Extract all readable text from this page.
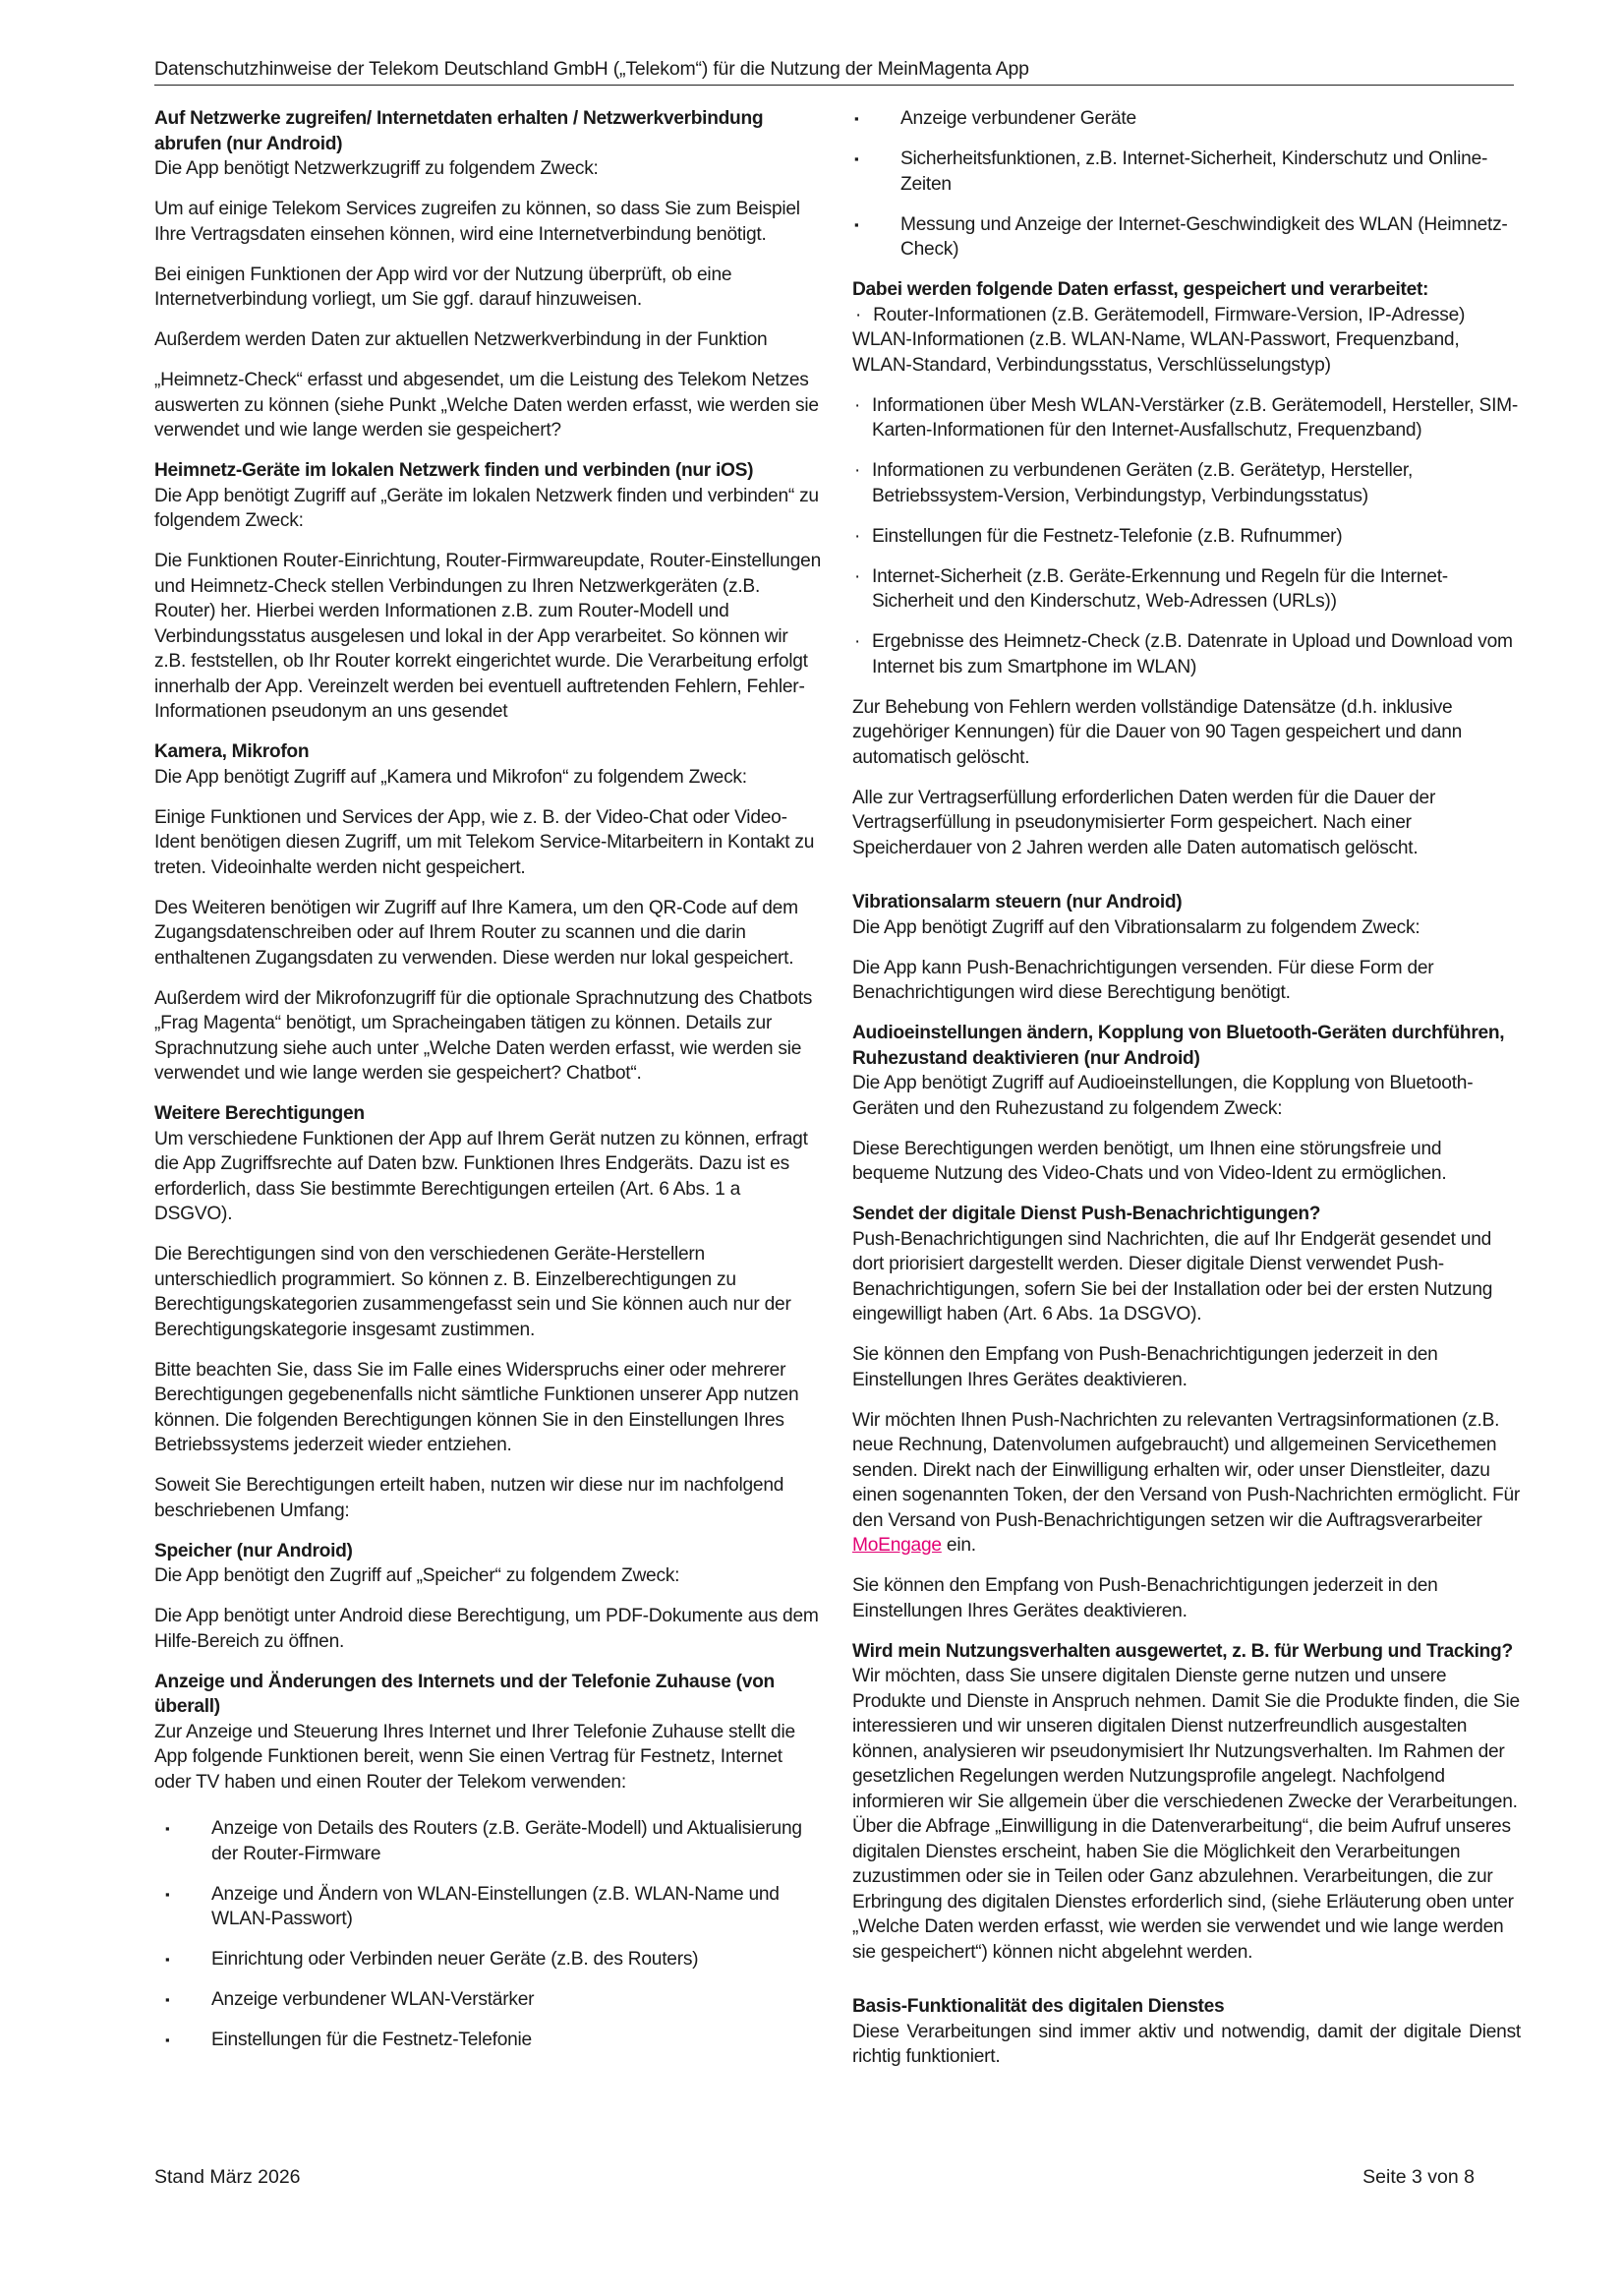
Datenschutzhinweise der Telekom Deutschland GmbH („Telekom“) für die Nutzung der MeinMagenta App
Auf Netzwerke zugreifen/ Internetdaten erhalten / Netzwerkverbindung abrufen (nur Android)

Die App benötigt Netzwerkzugriff zu folgendem Zweck:

Um auf einige Telekom Services zugreifen zu können, so dass Sie zum Beispiel Ihre Vertragsdaten einsehen können, wird eine Internetverbindung benötigt.

Bei einigen Funktionen der App wird vor der Nutzung überprüft, ob eine Internetverbindung vorliegt, um Sie ggf. darauf hinzuweisen.

Außerdem werden Daten zur aktuellen Netzwerkverbindung in der Funktion

„Heimnetz-Check“ erfasst und abgesendet, um die Leistung des Telekom Netzes auswerten zu können (siehe Punkt „Welche Daten werden erfasst, wie werden sie verwendet und wie lange werden sie gespeichert?

Heimnetz-Geräte im lokalen Netzwerk finden und verbinden (nur iOS)

Die App benötigt Zugriff auf „Geräte im lokalen Netzwerk finden und verbinden“ zu folgendem Zweck:

Die Funktionen Router-Einrichtung, Router-Firmwareupdate, Router-Einstellungen und Heimnetz-Check stellen Verbindungen zu Ihren Netzwerkgeräten (z.B. Router) her. Hierbei werden Informationen z.B. zum Router-Modell und Verbindungsstatus ausgelesen und lokal in der App verarbeitet. So können wir z.B. feststellen, ob Ihr Router korrekt eingerichtet wurde. Die Verarbeitung erfolgt innerhalb der App. Vereinzelt werden bei eventuell auftretenden Fehlern, Fehler-Informationen pseudonym an uns gesendet

Kamera, Mikrofon

Die App benötigt Zugriff auf „Kamera und Mikrofon“ zu folgendem Zweck:

Einige Funktionen und Services der App, wie z. B. der Video-Chat oder Video-Ident benötigen diesen Zugriff, um mit Telekom Service-Mitarbeitern in Kontakt zu treten. Videoinhalte werden nicht gespeichert.

Des Weiteren benötigen wir Zugriff auf Ihre Kamera, um den QR-Code auf dem Zugangsdatenschreiben oder auf Ihrem Router zu scannen und die darin enthaltenen Zugangsdaten zu verwenden. Diese werden nur lokal gespeichert.

Außerdem wird der Mikrofonzugriff für die optionale Sprachnutzung des Chatbots „Frag Magenta“ benötigt, um Spracheingaben tätigen zu können. Details zur Sprachnutzung siehe auch unter „Welche Daten werden erfasst, wie werden sie verwendet und wie lange werden sie gespeichert? Chatbot“.

Weitere Berechtigungen

Um verschiedene Funktionen der App auf Ihrem Gerät nutzen zu können, erfragt die App Zugriffsrechte auf Daten bzw. Funktionen Ihres Endgeräts. Dazu ist es erforderlich, dass Sie bestimmte Berechtigungen erteilen (Art. 6 Abs. 1 a DSGVO).

Die Berechtigungen sind von den verschiedenen Geräte-Herstellern unterschiedlich programmiert. So können z. B. Einzelberechtigungen zu Berechtigungskategorien zusammengefasst sein und Sie können auch nur der Berechtigungskategorie insgesamt zustimmen.

Bitte beachten Sie, dass Sie im Falle eines Widerspruchs einer oder mehrerer Berechtigungen gegebenenfalls nicht sämtliche Funktionen unserer App nutzen können. Die folgenden Berechtigungen können Sie in den Einstellungen Ihres Betriebssystems jederzeit wieder entziehen.

Soweit Sie Berechtigungen erteilt haben, nutzen wir diese nur im nachfolgend beschriebenen Umfang:

Speicher (nur Android)

Die App benötigt den Zugriff auf „Speicher“ zu folgendem Zweck:

Die App benötigt unter Android diese Berechtigung, um PDF-Dokumente aus dem Hilfe-Bereich zu öffnen.

Anzeige und Änderungen des Internets und der Telefonie Zuhause (von überall)

Zur Anzeige und Steuerung Ihres Internet und Ihrer Telefonie Zuhause stellt die App folgende Funktionen bereit, wenn Sie einen Vertrag für Festnetz, Internet oder TV haben und einen Router der Telekom verwenden:

▪ Anzeige von Details des Routers (z.B. Geräte-Modell) und Aktualisierung der Router-Firmware
▪ Anzeige und Ändern von WLAN-Einstellungen (z.B. WLAN-Name und WLAN-Passwort)
▪ Einrichtung oder Verbinden neuer Geräte (z.B. des Routers)
▪ Anzeige verbundener WLAN-Verstärker
▪ Einstellungen für die Festnetz-Telefonie
▪ Anzeige verbundener Geräte
▪ Sicherheitsfunktionen, z.B. Internet-Sicherheit, Kinderschutz und Online-Zeiten
▪ Messung und Anzeige der Internet-Geschwindigkeit des WLAN (Heimnetz-Check)
Dabei werden folgende Daten erfasst, gespeichert und verarbeitet:

· Router-Informationen (z.B. Gerätemodell, Firmware-Version, IP-Adresse) WLAN-Informationen (z.B. WLAN-Name, WLAN-Passwort, Frequenzband, WLAN-Standard, Verbindungsstatus, Verschlüsselungstyp)

· Informationen über Mesh WLAN-Verstärker (z.B. Gerätemodell, Hersteller, SIM-Karten-Informationen für den Internet-Ausfallschutz, Frequenzband)
· Informationen zu verbundenen Geräten (z.B. Gerätetyp, Hersteller, Betriebssystem-Version, Verbindungstyp, Verbindungsstatus)
· Einstellungen für die Festnetz-Telefonie (z.B. Rufnummer)
· Internet-Sicherheit (z.B. Geräte-Erkennung und Regeln für die Internet-Sicherheit und den Kinderschutz, Web-Adressen (URLs))
· Ergebnisse des Heimnetz-Check (z.B. Datenrate in Upload und Download vom Internet bis zum Smartphone im WLAN)

Zur Behebung von Fehlern werden vollständige Datensätze (d.h. inklusive zugehöriger Kennungen) für die Dauer von 90 Tagen gespeichert und dann automatisch gelöscht.

Alle zur Vertragserfüllung erforderlichen Daten werden für die Dauer der Vertragserfüllung in pseudonymisierter Form gespeichert. Nach einer Speicherdauer von 2 Jahren werden alle Daten automatisch gelöscht.

Vibrationsalarm steuern (nur Android)

Die App benötigt Zugriff auf den Vibrationsalarm zu folgendem Zweck:

Die App kann Push-Benachrichtigungen versenden. Für diese Form der Benachrichtigungen wird diese Berechtigung benötigt.

Audioeinstellungen ändern, Kopplung von Bluetooth-Geräten durchführen, Ruhezustand deaktivieren (nur Android)

Die App benötigt Zugriff auf Audioeinstellungen, die Kopplung von Bluetooth-Geräten und den Ruhezustand zu folgendem Zweck:

Diese Berechtigungen werden benötigt, um Ihnen eine störungsfreie und bequeme Nutzung des Video-Chats und von Video-Ident zu ermöglichen.

Sendet der digitale Dienst Push-Benachrichtigungen?

Push-Benachrichtigungen sind Nachrichten, die auf Ihr Endgerät gesendet und dort priorisiert dargestellt werden. Dieser digitale Dienst verwendet Push-Benachrichtigungen, sofern Sie bei der Installation oder bei der ersten Nutzung eingewilligt haben (Art. 6 Abs. 1a DSGVO).

Sie können den Empfang von Push-Benachrichtigungen jederzeit in den Einstellungen Ihres Gerätes deaktivieren.

Wir möchten Ihnen Push-Nachrichten zu relevanten Vertragsinformationen (z.B. neue Rechnung, Datenvolumen aufgebraucht) und allgemeinen Servicethemen senden. Direkt nach der Einwilligung erhalten wir, oder unser Dienstleiter, dazu einen sogenannten Token, der den Versand von Push-Nachrichten ermöglicht. Für den Versand von Push-Benachrichtigungen setzen wir die Auftragsverarbeiter MoEngage ein.

Sie können den Empfang von Push-Benachrichtigungen jederzeit in den Einstellungen Ihres Gerätes deaktivieren.

Wird mein Nutzungsverhalten ausgewertet, z. B. für Werbung und Tracking?

Wir möchten, dass Sie unsere digitalen Dienste gerne nutzen und unsere Produkte und Dienste in Anspruch nehmen. Damit Sie die Produkte finden, die Sie interessieren und wir unseren digitalen Dienst nutzerfreundlich ausgestalten können, analysieren wir pseudonymisiert Ihr Nutzungsverhalten. Im Rahmen der gesetzlichen Regelungen werden Nutzungsprofile angelegt. Nachfolgend informieren wir Sie allgemein über die verschiedenen Zwecke der Verarbeitungen. Über die Abfrage „Einwilligung in die Datenverarbeitung“, die beim Aufruf unseres digitalen Dienstes erscheint, haben Sie die Möglichkeit den Verarbeitungen zuzustimmen oder sie in Teilen oder Ganz abzulehnen. Verarbeitungen, die zur Erbringung des digitalen Dienstes erforderlich sind, (siehe Erläuterung oben unter „Welche Daten werden erfasst, wie werden sie verwendet und wie lange werden sie gespeichert“) können nicht abgelehnt werden.

Basis-Funktionalität des digitalen Dienstes

Diese Verarbeitungen sind immer aktiv und notwendig, damit der digitale Dienst richtig funktioniert.

Stand März 2026	Seite 3 von 8
